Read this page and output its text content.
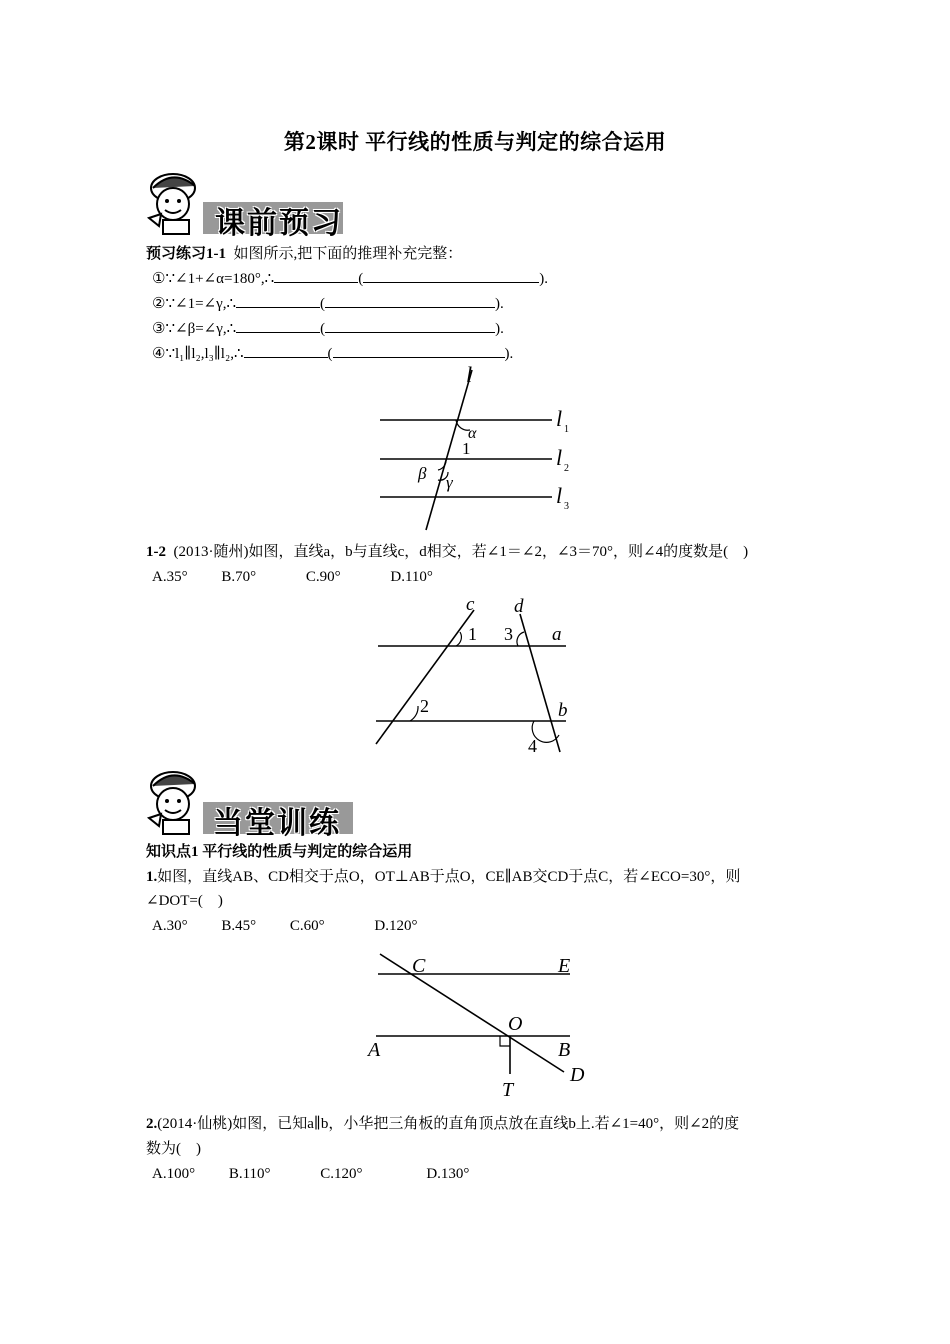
第2课时 平行线的性质与判定的综合运用
课前预习
预习练习1-1 如图所示,把下面的推理补充完整：
①∵∠1+∠α=180°,∴	(	).
②∵∠1=∠γ,∴	(	).
③∵∠β=∠γ,∴	(	).
④∵l₁∥l₂,l₃∥l₂,∴	(	).
l
l 1
l 2
l 3
α
1
β γ
1-2 (2013·随州)如图，直线a，b与直线c，d相交，若∠1＝∠2，∠3＝70°，则∠4的度数是(　)
A.35° B.70°	C.90°	D.110°
c d
1 3 a
2	b
4
当堂训练
知识点1 平行线的性质与判定的综合运用
1.如图，直线AB、CD相交于点O，OT⊥AB于点O，CE∥AB交CD于点C，若∠ECO=30°，则
∠DOT=(　)
A.30° B.45° C.60°	D.120°
C	E
O
A	B
D
T
2.(2014·仙桃)如图，已知a∥b，小华把三角板的直角顶点放在直线b上.若∠1=40°，则∠2的度
数为(　)
A.100° B.110°	C.120°	D.130°
